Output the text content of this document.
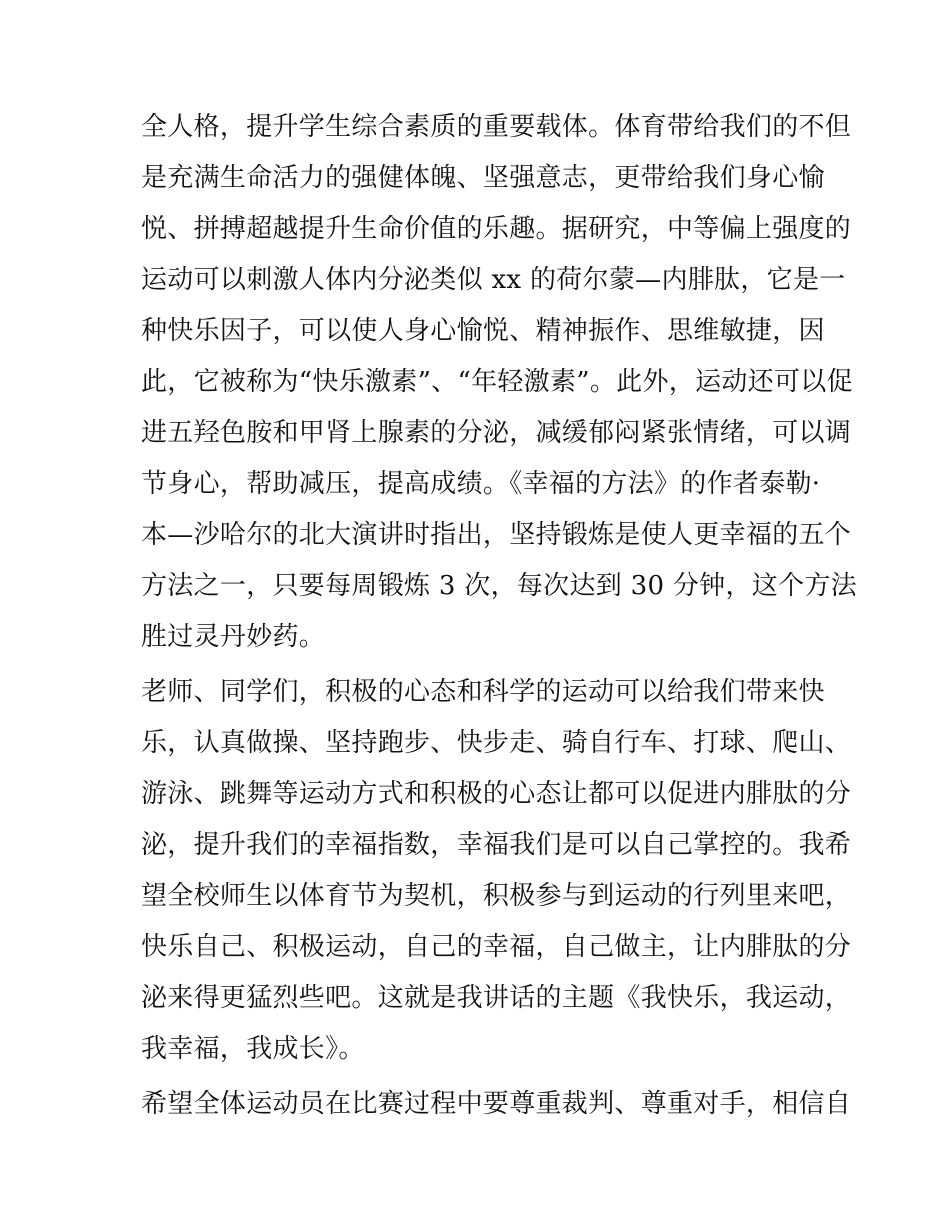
全人格，提升学生综合素质的重要载体。体育带给我们的不但
是充满生命活力的强健体魄、坚强意志，更带给我们身心愉
悦、拼搏超越提升生命价值的乐趣。据研究，中等偏上强度的
运动可以刺激人体内分泌类似 xx 的荷尔蒙—内腓肽，它是一
种快乐因子，可以使人身心愉悦、精神振作、思维敏捷，因
此，它被称为“快乐激素”、“年轻激素”。此外，运动还可以促
进五羟色胺和甲肾上腺素的分泌，减缓郁闷紧张情绪，可以调
节身心，帮助减压，提高成绩。《幸福的方法》的作者泰勒·
本—沙哈尔的北大演讲时指出，坚持锻炼是使人更幸福的五个
方法之一，只要每周锻炼 3 次，每次达到 30 分钟，这个方法
胜过灵丹妙药。
老师、同学们，积极的心态和科学的运动可以给我们带来快
乐，认真做操、坚持跑步、快步走、骑自行车、打球、爬山、
游泳、跳舞等运动方式和积极的心态让都可以促进内腓肽的分
泌，提升我们的幸福指数，幸福我们是可以自己掌控的。我希
望全校师生以体育节为契机，积极参与到运动的行列里来吧，
快乐自己、积极运动，自己的幸福，自己做主，让内腓肽的分
泌来得更猛烈些吧。这就是我讲话的主题《我快乐，我运动，
我幸福，我成长》。
希望全体运动员在比赛过程中要尊重裁判、尊重对手，相信自
